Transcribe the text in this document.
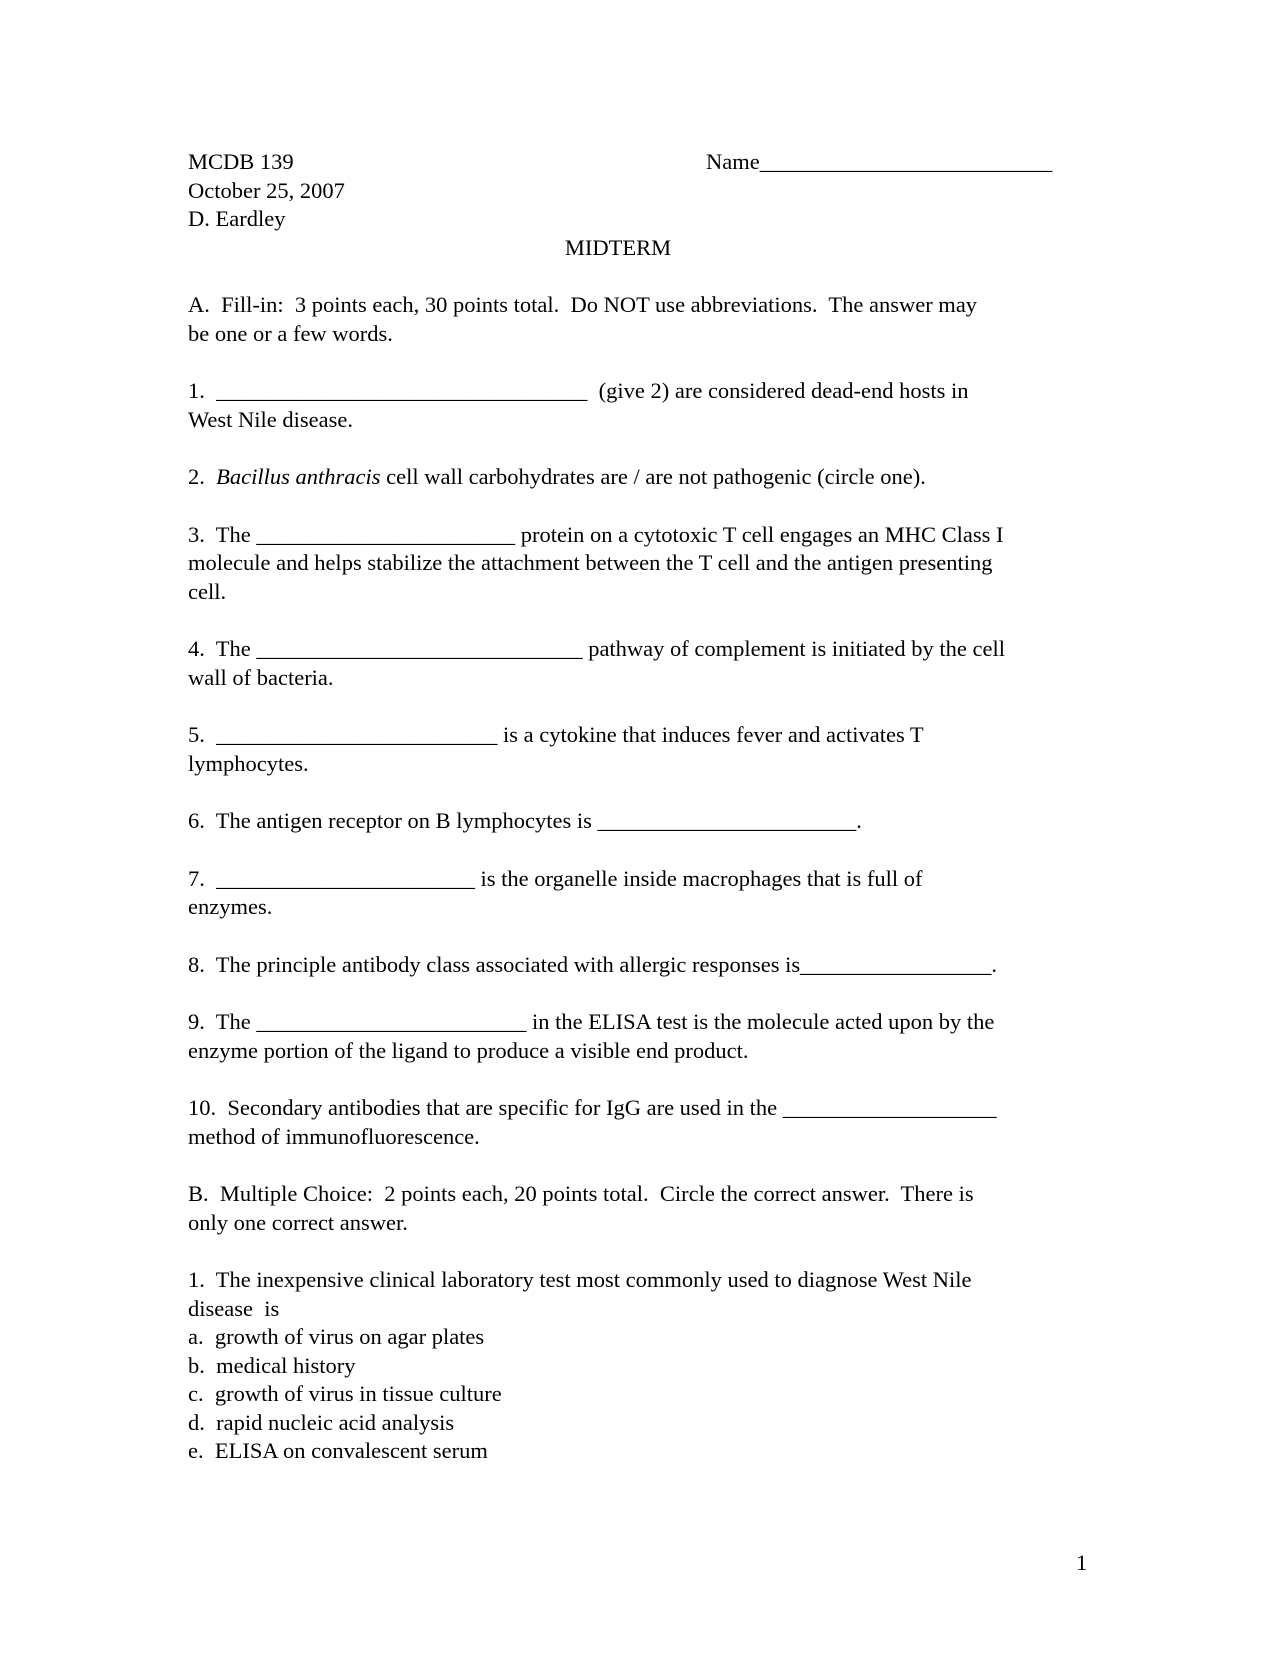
MCDB 139	Name__________________________
October 25, 2007
D. Eardley
MIDTERM
A.  Fill-in:  3 points each, 30 points total.  Do NOT use abbreviations.  The answer may
be one or a few words.
1.  _________________________________  (give 2) are considered dead-end hosts in
West Nile disease.
2.  Bacillus anthracis cell wall carbohydrates are / are not pathogenic (circle one).
3.  The _______________________ protein on a cytotoxic T cell engages an MHC Class I
molecule and helps stabilize the attachment between the T cell and the antigen presenting
cell.
4.  The _____________________________ pathway of complement is initiated by the cell
wall of bacteria.
5.  _________________________ is a cytokine that induces fever and activates T
lymphocytes.
6.  The antigen receptor on B lymphocytes is _______________________.
7.  _______________________ is the organelle inside macrophages that is full of
enzymes.
8.  The principle antibody class associated with allergic responses is_________________.
9.  The ________________________ in the ELISA test is the molecule acted upon by the
enzyme portion of the ligand to produce a visible end product.
10.  Secondary antibodies that are specific for IgG are used in the ___________________
method of immunofluorescence.
B.  Multiple Choice:  2 points each, 20 points total.  Circle the correct answer.  There is
only one correct answer.
1.  The inexpensive clinical laboratory test most commonly used to diagnose West Nile
disease  is
a.  growth of virus on agar plates
b.  medical history
c.  growth of virus in tissue culture
d.  rapid nucleic acid analysis
e.  ELISA on convalescent serum
1
